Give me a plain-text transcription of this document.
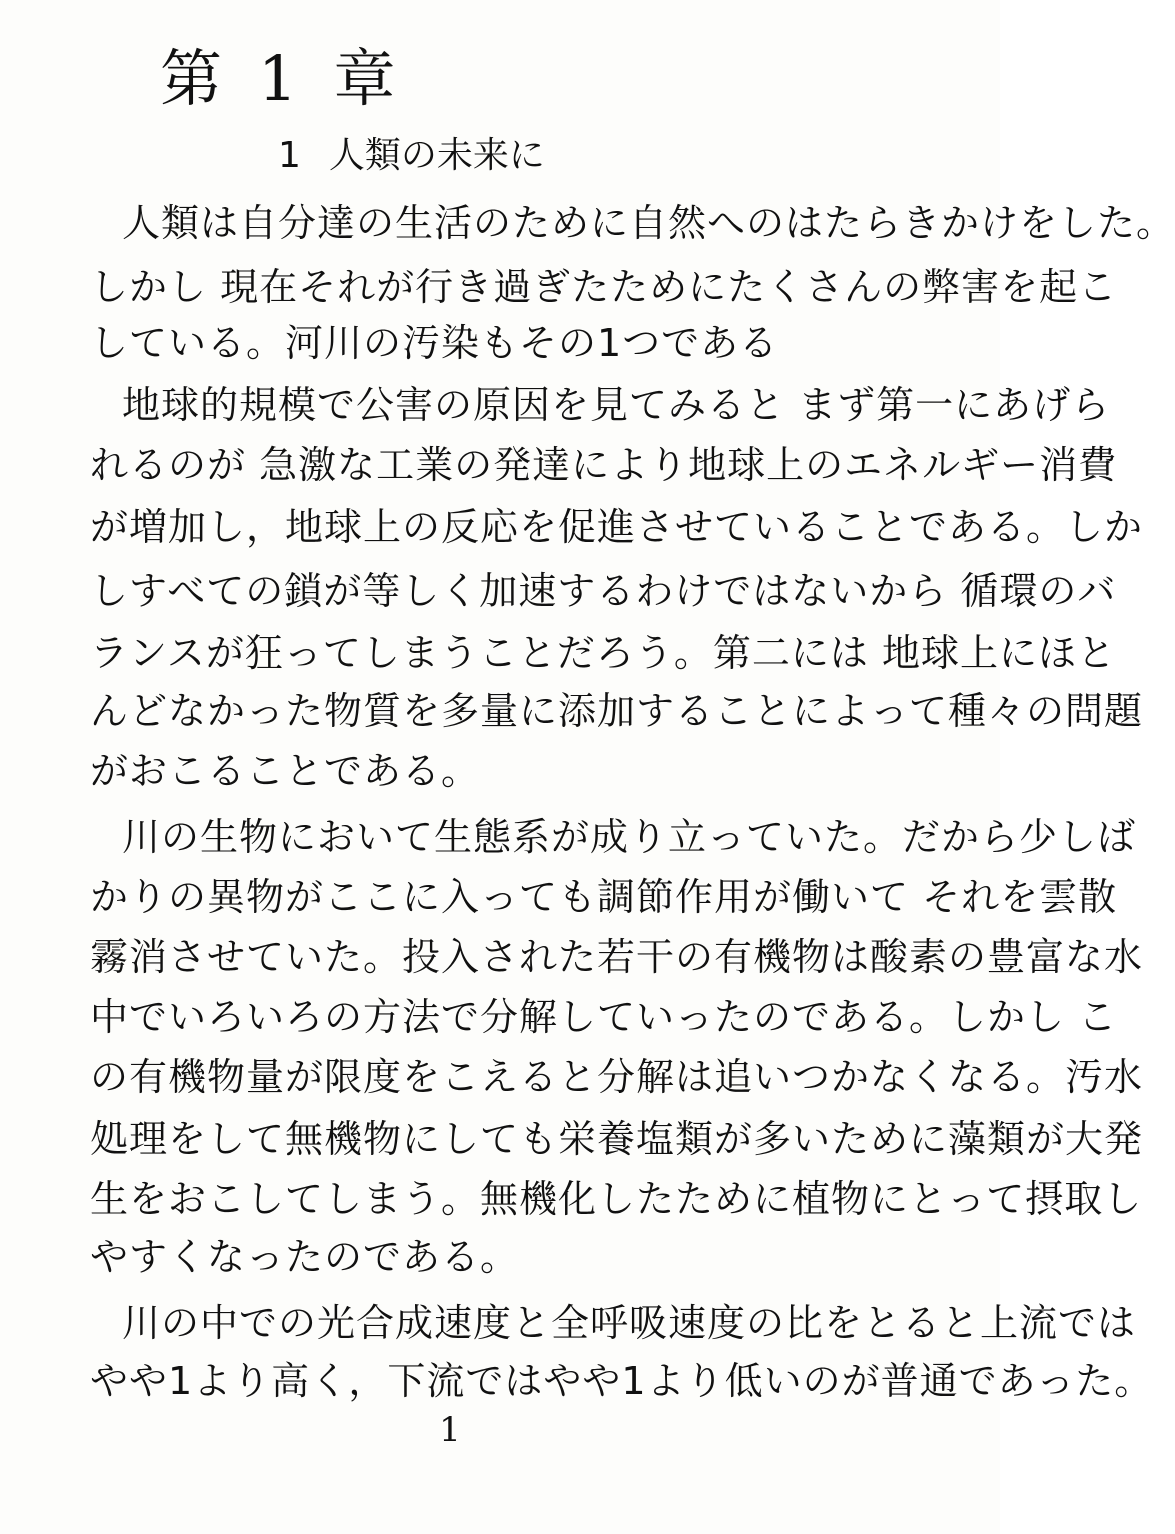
第1章
1 人類の未来に

人類は自分達の生活のために自然へのはたらきかけをした。

しかし 現在それが行き過ぎたためにたくさんの弊害を起こ

している。河川の汚染もその1つである

地球的規模で公害の原因を見てみると まず第一にあげら

れるのが 急激な工業の発達により地球上のエネルギー消費

が増加し，地球上の反応を促進させていることである。しか

しすべての鎖が等しく加速するわけではないから 循環のバ

ランスが狂ってしまうことだろう。第二には 地球上にほと

んどなかった物質を多量に添加することによって種々の問題

がおこることである。

川の生物において生態系が成り立っていた。だから少しば

かりの異物がここに入っても調節作用が働いて それを雲散

霧消させていた。投入された若干の有機物は酸素の豊富な水

中でいろいろの方法で分解していったのである。しかし こ

の有機物量が限度をこえると分解は追いつかなくなる。汚水

処理をして無機物にしても栄養塩類が多いために藻類が大発

生をおこしてしまう。無機化したために植物にとって摂取し

やすくなったのである。

川の中での光合成速度と全呼吸速度の比をとると上流では

やや1より高く，下流ではやや1より低いのが普通であった。

1
